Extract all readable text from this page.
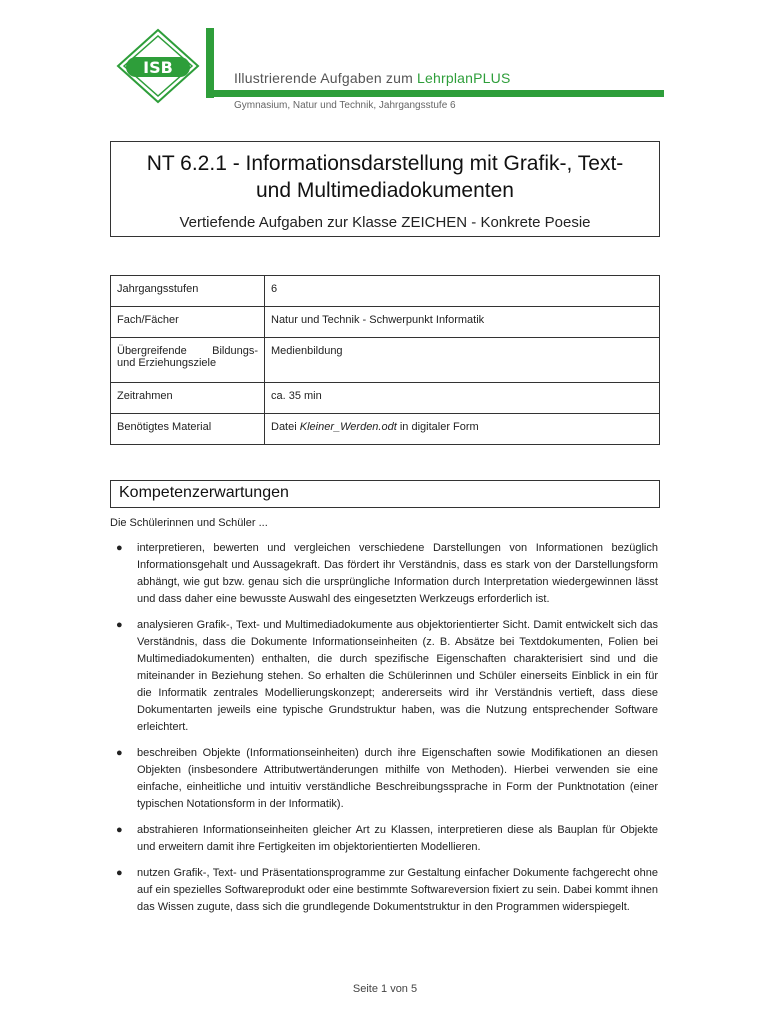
ISB
Illustrierende Aufgaben zum LehrplanPLUS
Gymnasium, Natur und Technik, Jahrgangsstufe 6
NT 6.2.1 - Informationsdarstellung mit Grafik-, Text-
und Multimediadokumenten
Vertiefende Aufgaben zur Klasse ZEICHEN - Konkrete Poesie
Jahrgangsstufen	6
Fach/Fächer	Natur und Technik - Schwerpunkt Informatik

Übergreifende Bildungs-
und Erziehungsziele	Medienbildung
Zeitrahmen	ca. 35 min
Benötigtes Material	Datei Kleiner_Werden.odt in digitaler Form
Kompetenzerwartungen
Die Schülerinnen und Schüler ...
● interpretieren, bewerten und vergleichen verschiedene Darstellungen von Informationen bezüglich Informationsgehalt und Aussagekraft. Das fördert ihr Verständnis, dass es stark von der Darstellungsform abhängt, wie gut bzw. genau sich die ursprüngliche Information durch Interpretation wiedergewinnen lässt und dass daher eine bewusste Auswahl des eingesetzten Werkzeugs erforderlich ist.
● analysieren Grafik-, Text- und Multimediadokumente aus objektorientierter Sicht. Damit entwickelt sich das Verständnis, dass die Dokumente Informationseinheiten (z. B. Absätze bei Textdokumenten, Folien bei Multimediadokumenten) enthalten, die durch spezifische Eigenschaften charakterisiert sind und die miteinander in Beziehung stehen. So erhalten die Schülerinnen und Schüler einerseits Einblick in ein für die Informatik zentrales Modellierungskonzept; andererseits wird ihr Verständnis vertieft, dass diese Dokumentarten jeweils eine typische Grundstruktur haben, was die Nutzung entsprechender Software erleichtert.
● beschreiben Objekte (Informationseinheiten) durch ihre Eigenschaften sowie Modifikationen an diesen Objekten (insbesondere Attributwertänderungen mithilfe von Methoden). Hierbei verwenden sie eine einfache, einheitliche und intuitiv verständliche Beschreibungssprache in Form der Punktnotation (einer typischen Notationsform in der Informatik).
● abstrahieren Informationseinheiten gleicher Art zu Klassen, interpretieren diese als Bauplan für Objekte und erweitern damit ihre Fertigkeiten im objektorientierten Modellieren.
● nutzen Grafik-, Text- und Präsentationsprogramme zur Gestaltung einfacher Dokumente fachgerecht ohne auf ein spezielles Softwareprodukt oder eine bestimmte Softwareversion fixiert zu sein. Dabei kommt ihnen das Wissen zugute, dass sich die grundlegende Dokumentstruktur in den Programmen widerspiegelt.
Seite 1 von 5
